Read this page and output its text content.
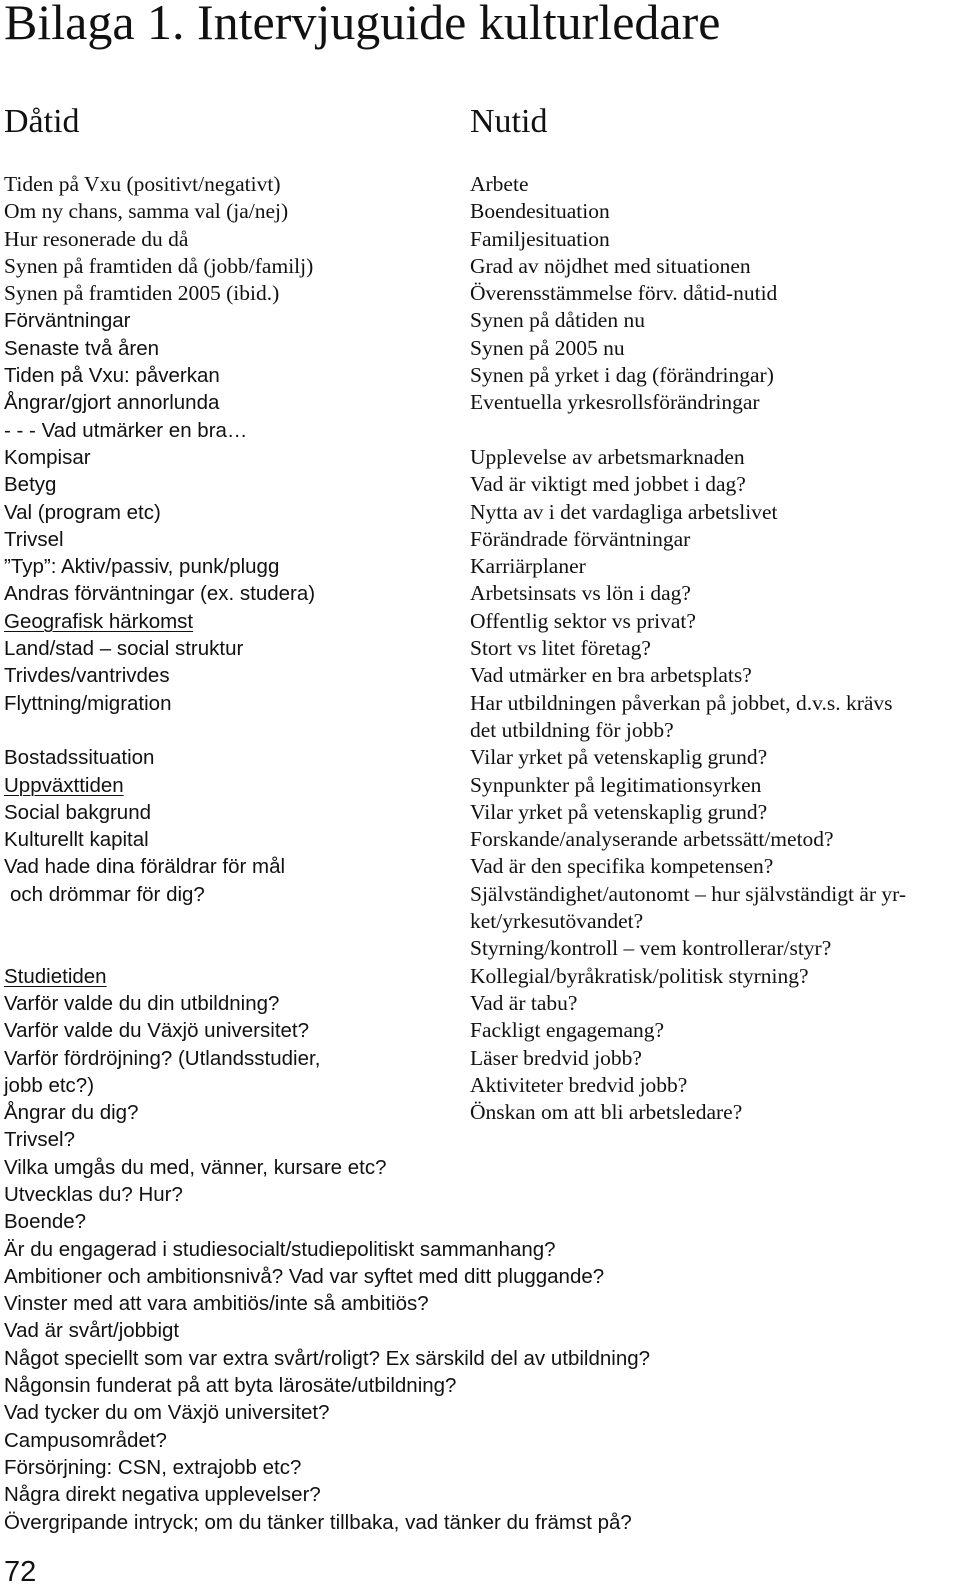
Bilaga 1. Intervjuguide kulturledare
Dåtid	Nutid
Tiden på Vxu (positivt/negativt)
Om ny chans, samma val (ja/nej)
Hur resonerade du då
Synen på framtiden då (jobb/familj)
Synen på framtiden 2005 (ibid.)
Förväntningar
Senaste två åren
Tiden på Vxu: påverkan
Ångrar/gjort annorlunda
- - - Vad utmärker en bra…
Kompisar
Betyg
Val (program etc)
Trivsel
”Typ”: Aktiv/passiv, punk/plugg
Andras förväntningar (ex. studera)
Geografisk härkomst
Land/stad – social struktur
Trivdes/vantrivdes
Flyttning/migration
Bostadssituation
Uppväxttiden
Social bakgrund
Kulturellt kapital
Vad hade dina föräldrar för mål
och drömmar för dig?
Studietiden
Varför valde du din utbildning?
Varför valde du Växjö universitet?
Varför fördröjning? (Utlandsstudier,
jobb etc?)
Ångrar du dig?
Trivsel?
Vilka umgås du med, vänner, kursare etc?
Utvecklas du? Hur?
Boende?
Är du engagerad i studiesocialt/studiepolitiskt sammanhang?
Ambitioner och ambitionsnivå? Vad var syftet med ditt pluggande?
Vinster med att vara ambitiös/inte så ambitiös?
Vad är svårt/jobbigt
Något speciellt som var extra svårt/roligt? Ex särskild del av utbildning?
Någonsin funderat på att byta lärosäte/utbildning?
Vad tycker du om Växjö universitet?
Campusområdet?
Försörjning: CSN, extrajobb etc?
Några direkt negativa upplevelser?
Övergripande intryck; om du tänker tillbaka, vad tänker du främst på?
Arbete
Boendesituation
Familjesituation
Grad av nöjdhet med situationen
Överensstämmelse förv. dåtid-nutid
Synen på dåtiden nu
Synen på 2005 nu
Synen på yrket i dag (förändringar)
Eventuella yrkesrollsförändringar
Upplevelse av arbetsmarknaden
Vad är viktigt med jobbet i dag?
Nytta av i det vardagliga arbetslivet
Förändrade förväntningar
Karriärplaner
Arbetsinsats vs lön i dag?
Offentlig sektor vs privat?
Stort vs litet företag?
Vad utmärker en bra arbetsplats?
Har utbildningen påverkan på jobbet, d.v.s. krävs
det utbildning för jobb?
Vilar yrket på vetenskaplig grund?
Synpunkter på legitimationsyrken
Vilar yrket på vetenskaplig grund?
Forskande/analyserande arbetssätt/metod?
Vad är den specifika kompetensen?
Självständighet/autonomt – hur självständigt är yr-
ket/yrkesutövandet?
Styrning/kontroll – vem kontrollerar/styr?
Kollegial/byråkratisk/politisk styrning?
Vad är tabu?
Fackligt engagemang?
Läser bredvid jobb?
Aktiviteter bredvid jobb?
Önskan om att bli arbetsledare?
72
